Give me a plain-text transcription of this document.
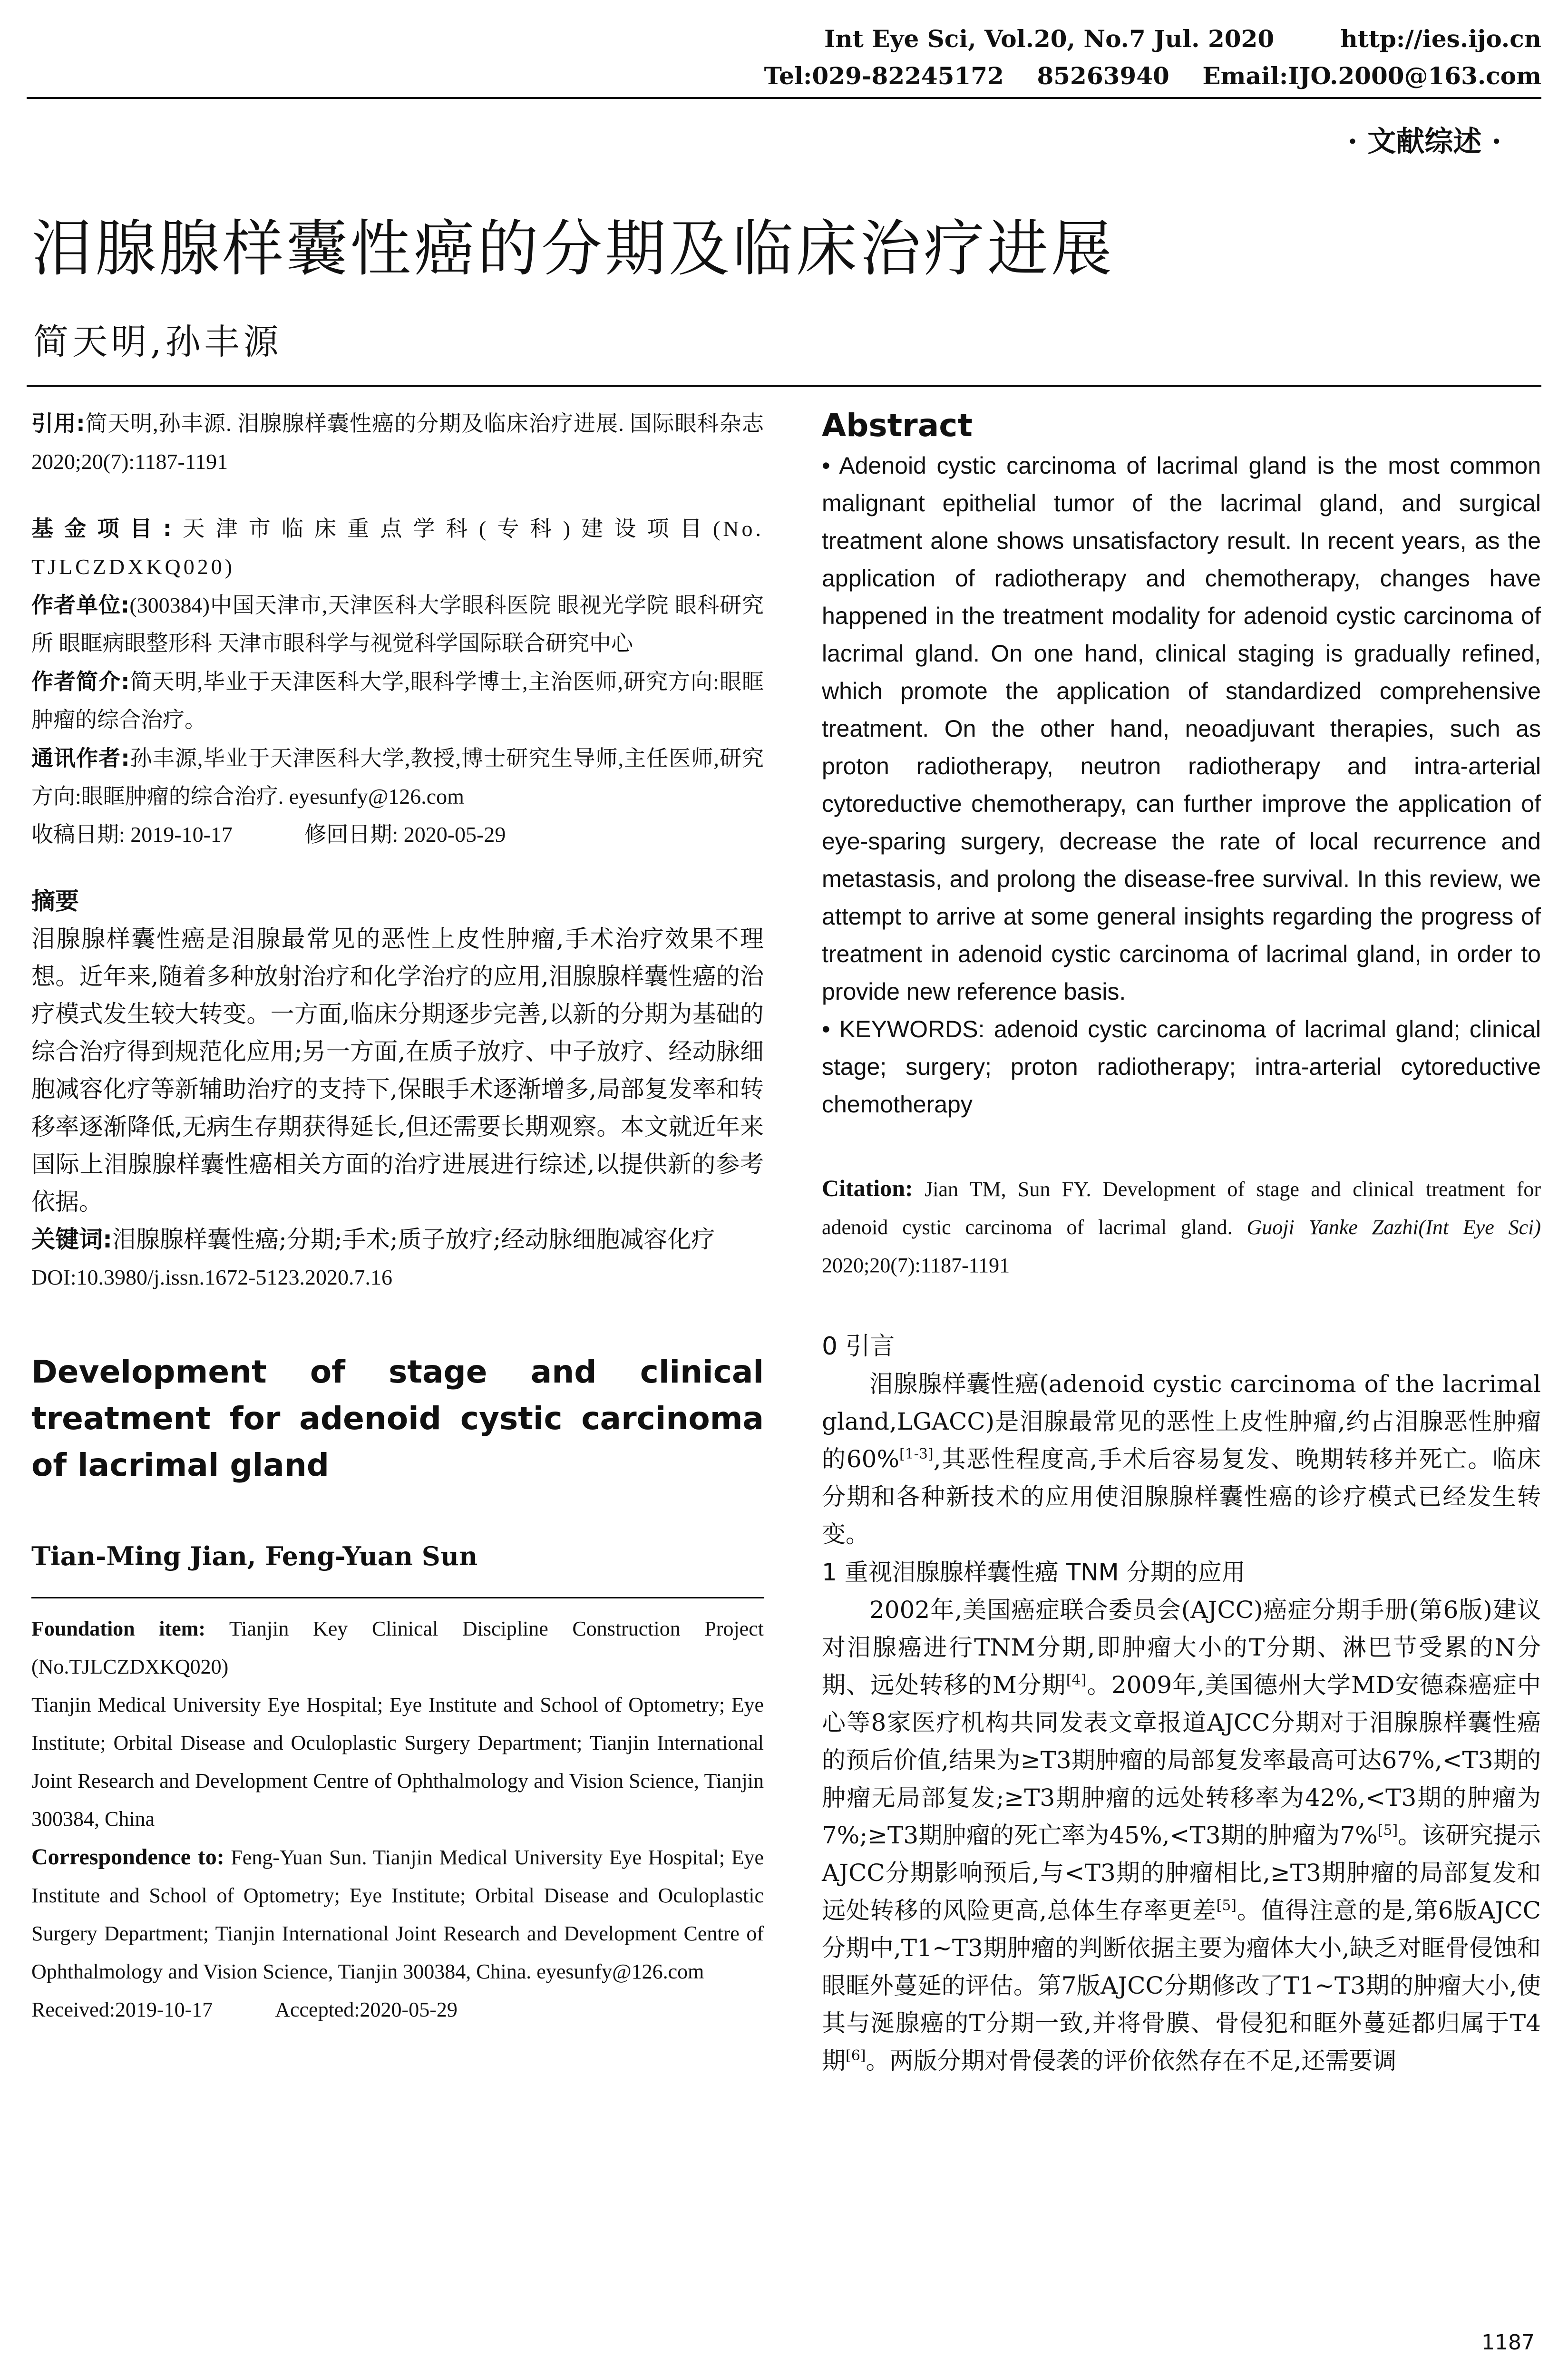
Int Eye Sci, Vol.20, No.7 Jul. 2020        http://ies.ijo.cn
Tel:029-82245172    85263940    Email:IJO.2000@163.com
· 文献综述 ·
泪腺腺样囊性癌的分期及临床治疗进展
简天明,孙丰源
引用:简天明,孙丰源. 泪腺腺样囊性癌的分期及临床治疗进展. 国际眼科杂志 2020;20(7):1187-1191
基金项目:天津市临床重点学科(专科)建设项目(No. TJLCZDXKQ020)
作者单位:(300384)中国天津市,天津医科大学眼科医院 眼视光学院 眼科研究所 眼眶病眼整形科 天津市眼科学与视觉科学国际联合研究中心
作者简介:简天明,毕业于天津医科大学,眼科学博士,主治医师,研究方向:眼眶肿瘤的综合治疗。
通讯作者:孙丰源,毕业于天津医科大学,教授,博士研究生导师,主任医师,研究方向:眼眶肿瘤的综合治疗. eyesunfy@126.com
收稿日期: 2019-10-17	修回日期: 2020-05-29
摘要

泪腺腺样囊性癌是泪腺最常见的恶性上皮性肿瘤,手术治疗效果不理想。近年来,随着多种放射治疗和化学治疗的应用,泪腺腺样囊性癌的治疗模式发生较大转变。一方面,临床分期逐步完善,以新的分期为基础的综合治疗得到规范化应用;另一方面,在质子放疗、中子放疗、经动脉细胞减容化疗等新辅助治疗的支持下,保眼手术逐渐增多,局部复发率和转移率逐渐降低,无病生存期获得延长,但还需要长期观察。本文就近年来国际上泪腺腺样囊性癌相关方面的治疗进展进行综述,以提供新的参考依据。

关键词:泪腺腺样囊性癌;分期;手术;质子放疗;经动脉细胞减容化疗
DOI:10.3980/j.issn.1672-5123.2020.7.16
Development of stage and clinical treatment for adenoid cystic carcinoma of lacrimal gland
Tian-Ming Jian, Feng-Yuan Sun
Foundation item: Tianjin Key Clinical Discipline Construction Project (No.TJLCZDXKQ020)

Tianjin Medical University Eye Hospital; Eye Institute and School of Optometry; Eye Institute; Orbital Disease and Oculoplastic Surgery Department; Tianjin International Joint Research and Development Centre of Ophthalmology and Vision Science, Tianjin 300384, China

Correspondence to: Feng-Yuan Sun. Tianjin Medical University Eye Hospital; Eye Institute and School of Optometry; Eye Institute; Orbital Disease and Oculoplastic Surgery Department; Tianjin International Joint Research and Development Centre of Ophthalmology and Vision Science, Tianjin 300384, China. eyesunfy@126.com
Received:2019-10-17	Accepted:2020-05-29
Abstract

• Adenoid cystic carcinoma of lacrimal gland is the most common malignant epithelial tumor of the lacrimal gland, and surgical treatment alone shows unsatisfactory result. In recent years, as the application of radiotherapy and chemotherapy, changes have happened in the treatment modality for adenoid cystic carcinoma of lacrimal gland. On one hand, clinical staging is gradually refined, which promote the application of standardized comprehensive treatment. On the other hand, neoadjuvant therapies, such as proton radiotherapy, neutron radiotherapy and intra-arterial cytoreductive chemotherapy, can further improve the application of eye-sparing surgery, decrease the rate of local recurrence and metastasis, and prolong the disease-free survival. In this review, we attempt to arrive at some general insights regarding the progress of treatment in adenoid cystic carcinoma of lacrimal gland, in order to provide new reference basis.

• KEYWORDS: adenoid cystic carcinoma of lacrimal gland; clinical stage; surgery; proton radiotherapy; intra-arterial cytoreductive chemotherapy
Citation: Jian TM, Sun FY. Development of stage and clinical treatment for adenoid cystic carcinoma of lacrimal gland. Guoji Yanke Zazhi(Int Eye Sci) 2020;20(7):1187-1191
0 引言

泪腺腺样囊性癌(adenoid cystic carcinoma of the lacrimal gland,LGACC)是泪腺最常见的恶性上皮性肿瘤,约占泪腺恶性肿瘤的60%[1-3],其恶性程度高,手术后容易复发、晚期转移并死亡。临床分期和各种新技术的应用使泪腺腺样囊性癌的诊疗模式已经发生转变。

1 重视泪腺腺样囊性癌 TNM 分期的应用

2002年,美国癌症联合委员会(AJCC)癌症分期手册(第6版)建议对泪腺癌进行TNM分期,即肿瘤大小的T分期、淋巴节受累的N分期、远处转移的M分期[4]。2009年,美国德州大学MD安德森癌症中心等8家医疗机构共同发表文章报道AJCC分期对于泪腺腺样囊性癌的预后价值,结果为≥T3期肿瘤的局部复发率最高可达67%,<T3期的肿瘤无局部复发;≥T3期肿瘤的远处转移率为42%,<T3期的肿瘤为7%;≥T3期肿瘤的死亡率为45%,<T3期的肿瘤为7%[5]。该研究提示AJCC分期影响预后,与<T3期的肿瘤相比,≥T3期肿瘤的局部复发和远处转移的风险更高,总体生存率更差[5]。值得注意的是,第6版AJCC分期中,T1~T3期肿瘤的判断依据主要为瘤体大小,缺乏对眶骨侵蚀和眼眶外蔓延的评估。第7版AJCC分期修改了T1~T3期的肿瘤大小,使其与涎腺癌的T分期一致,并将骨膜、骨侵犯和眶外蔓延都归属于T4期[6]。两版分期对骨侵袭的评价依然存在不足,还需要调

1187
